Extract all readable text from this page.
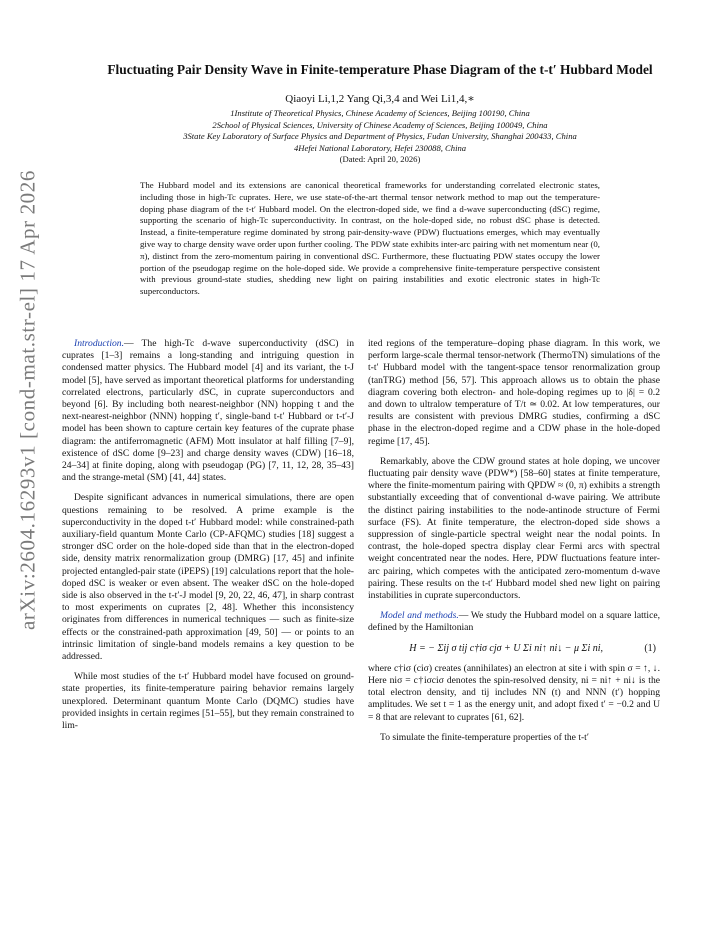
arXiv:2604.16293v1 [cond-mat.str-el] 17 Apr 2026
Fluctuating Pair Density Wave in Finite-temperature Phase Diagram of the t-t′ Hubbard Model
Qiaoyi Li,1,2 Yang Qi,3,4 and Wei Li1,4,∗
1Institute of Theoretical Physics, Chinese Academy of Sciences, Beijing 100190, China
2School of Physical Sciences, University of Chinese Academy of Sciences, Beijing 100049, China
3State Key Laboratory of Surface Physics and Department of Physics, Fudan University, Shanghai 200433, China
4Hefei National Laboratory, Hefei 230088, China
(Dated: April 20, 2026)
The Hubbard model and its extensions are canonical theoretical frameworks for understanding correlated electronic states, including those in high-Tc cuprates. Here, we use state-of-the-art thermal tensor network method to map out the temperature-doping phase diagram of the t-t′ Hubbard model. On the electron-doped side, we find a d-wave superconducting (dSC) regime, supporting the scenario of high-Tc superconductivity. In contrast, on the hole-doped side, no robust dSC phase is detected. Instead, a finite-temperature regime dominated by strong pair-density-wave (PDW) fluctuations emerges, which may eventually give way to charge density wave order upon further cooling. The PDW state exhibits inter-arc pairing with net momentum near (0, π), distinct from the zero-momentum pairing in conventional dSC. Furthermore, these fluctuating PDW states occupy the lower portion of the pseudogap regime on the hole-doped side. We provide a comprehensive finite-temperature perspective consistent with previous ground-state studies, shedding new light on pairing instabilities and exotic electronic states in high-Tc superconductors.

Introduction.— The high-Tc d-wave superconductivity (dSC) in cuprates [1–3] remains a long-standing and intriguing question in condensed matter physics. The Hubbard model [4] and its variant, the t-J model [5], have served as important theoretical platforms for understanding correlated electrons, particularly dSC, in cuprate superconductors and beyond [6]. By including both nearest-neighbor (NN) hopping t and the next-nearest-neighbor (NNN) hopping t′, single-band t-t′ Hubbard or t-t′-J model has been shown to capture certain key features of the cuprate phase diagram: the antiferromagnetic (AFM) Mott insulator at half filling [7–9], existence of dSC dome [9–23] and charge density waves (CDW) [16–18, 24–34] at finite doping, along with pseudogap (PG) [7, 11, 12, 28, 35–43] and the strange-metal (SM) [41, 44] states.

Despite significant advances in numerical simulations, there are open questions remaining to be resolved. A prime example is the superconductivity in the doped t-t′ Hubbard model: while constrained-path auxiliary-field quantum Monte Carlo (CP-AFQMC) studies [18] suggest a stronger dSC order on the hole-doped side than that in the electron-doped side, density matrix renormalization group (DMRG) [17, 45] and infinite projected entangled-pair state (iPEPS) [19] calculations report that the hole-doped dSC is weaker or even absent. The weaker dSC on the hole-doped side is also observed in the t-t′-J model [9, 20, 22, 46, 47], in sharp contrast to most experiments on cuprates [2, 48]. Whether this inconsistency originates from differences in numerical techniques — such as finite-size effects or the constrained-path approximation [49, 50] — or points to an intrinsic limitation of single-band models remains a key question to be addressed.

While most studies of the t-t′ Hubbard model have focused on ground-state properties, its finite-temperature pairing behavior remains largely unexplored. Determinant quantum Monte Carlo (DQMC) studies have provided insights in certain regimes [51–55], but they remain constrained to lim-

ited regions of the temperature–doping phase diagram. In this work, we perform large-scale thermal tensor-network (ThermoTN) simulations of the t-t′ Hubbard model with the tangent-space tensor renormalization group (tanTRG) method [56, 57]. This approach allows us to obtain the phase diagram covering both electron- and hole-doping regimes up to |δ| = 0.2 and down to ultralow temperature of T/t ≃ 0.02. At low temperatures, our results are consistent with previous DMRG studies, confirming a dSC phase in the electron-doped regime and a CDW phase in the hole-doped regime [17, 45].

Remarkably, above the CDW ground states at hole doping, we uncover fluctuating pair density wave (PDW*) [58–60] states at finite temperature, where the finite-momentum pairing with QPDW ≈ (0, π) exhibits a strength substantially exceeding that of conventional d-wave pairing. We attribute the distinct pairing instabilities to the node-antinode structure of Fermi surface (FS). At finite temperature, the electron-doped side shows a suppression of single-particle spectral weight near the nodal points. In contrast, the hole-doped spectra display clear Fermi arcs with spectral weight concentrated near the nodes. Here, PDW fluctuations feature inter-arc pairing, which competes with the anticipated zero-momentum d-wave pairing. These results on the t-t′ Hubbard model shed new light on pairing instabilities in cuprate superconductors.

Model and methods.— We study the Hubbard model on a square lattice, defined by the Hamiltonian

H = − Σij σ tij c†iσ cjσ + U Σi ni↑ ni↓ − μ Σi ni,	(1)

where c†iσ (ciσ) creates (annihilates) an electron at site i with spin σ = ↑, ↓. Here niσ = c†iσciσ denotes the spin-resolved density, ni = ni↑ + ni↓ is the total electron density, and tij includes NN (t) and NNN (t′) hopping amplitudes. We set t = 1 as the energy unit, and adopt fixed t′ = −0.2 and U = 8 that are relevant to cuprates [61, 62].

To simulate the finite-temperature properties of the t-t′
